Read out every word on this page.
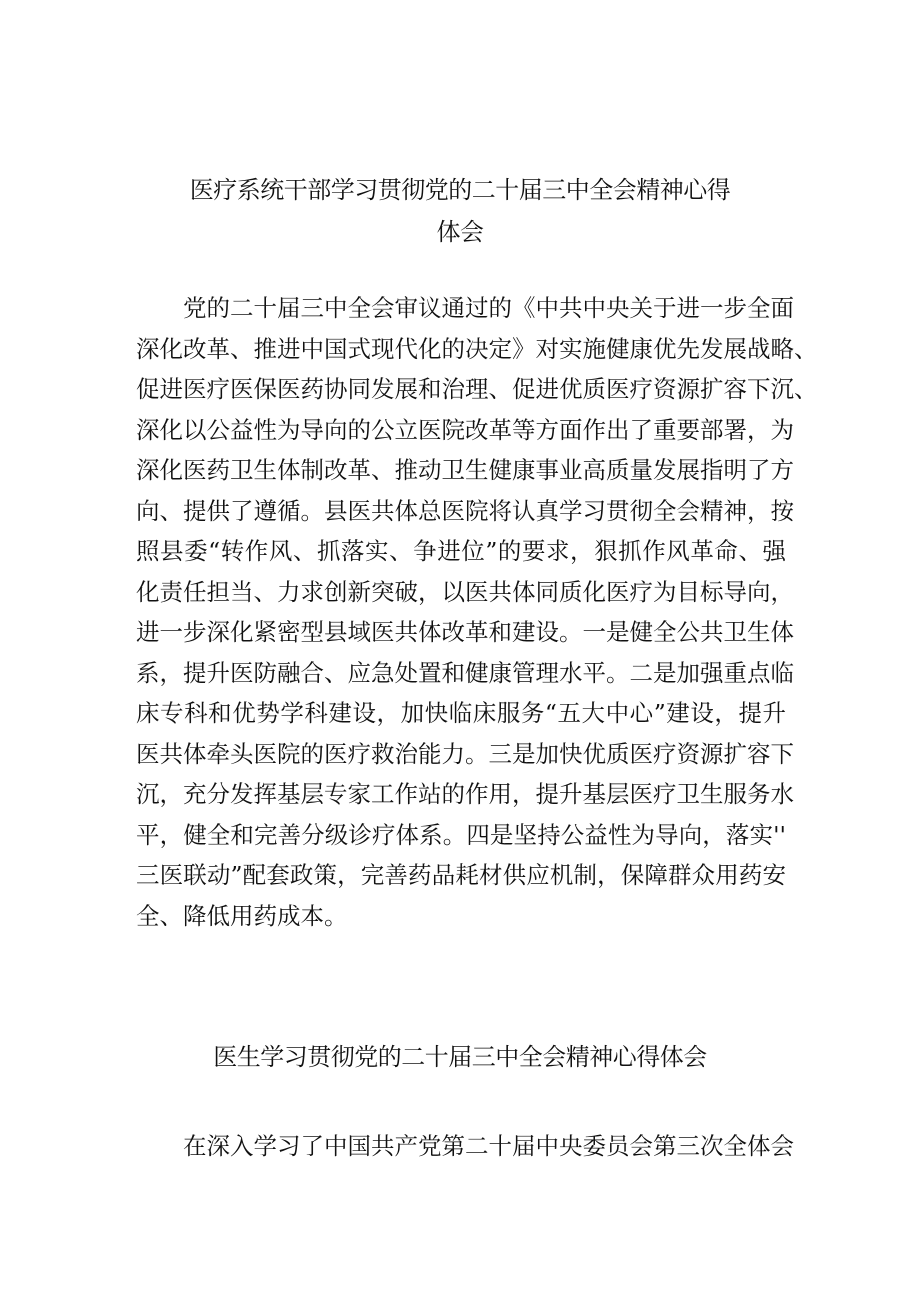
医疗系统干部学习贯彻党的二十届三中全会精神心得
体会
党的二十届三中全会审议通过的《中共中央关于进一步全面
深化改革、推进中国式现代化的决定》对实施健康优先发展战略、
促进医疗医保医药协同发展和治理、促进优质医疗资源扩容下沉、
深化以公益性为导向的公立医院改革等方面作出了重要部署，为
深化医药卫生体制改革、推动卫生健康事业高质量发展指明了方
向、提供了遵循。县医共体总医院将认真学习贯彻全会精神，按
照县委“转作风、抓落实、争进位”的要求，狠抓作风革命、强
化责任担当、力求创新突破，以医共体同质化医疗为目标导向，
进一步深化紧密型县域医共体改革和建设。一是健全公共卫生体
系，提升医防融合、应急处置和健康管理水平。二是加强重点临
床专科和优势学科建设，加快临床服务“五大中心”建设，提升
医共体牵头医院的医疗救治能力。三是加快优质医疗资源扩容下
沉，充分发挥基层专家工作站的作用，提升基层医疗卫生服务水
平，健全和完善分级诊疗体系。四是坚持公益性为导向，落实''
三医联动”配套政策，完善药品耗材供应机制，保障群众用药安
全、降低用药成本。
医生学习贯彻党的二十届三中全会精神心得体会
在深入学习了中国共产党第二十届中央委员会第三次全体会
